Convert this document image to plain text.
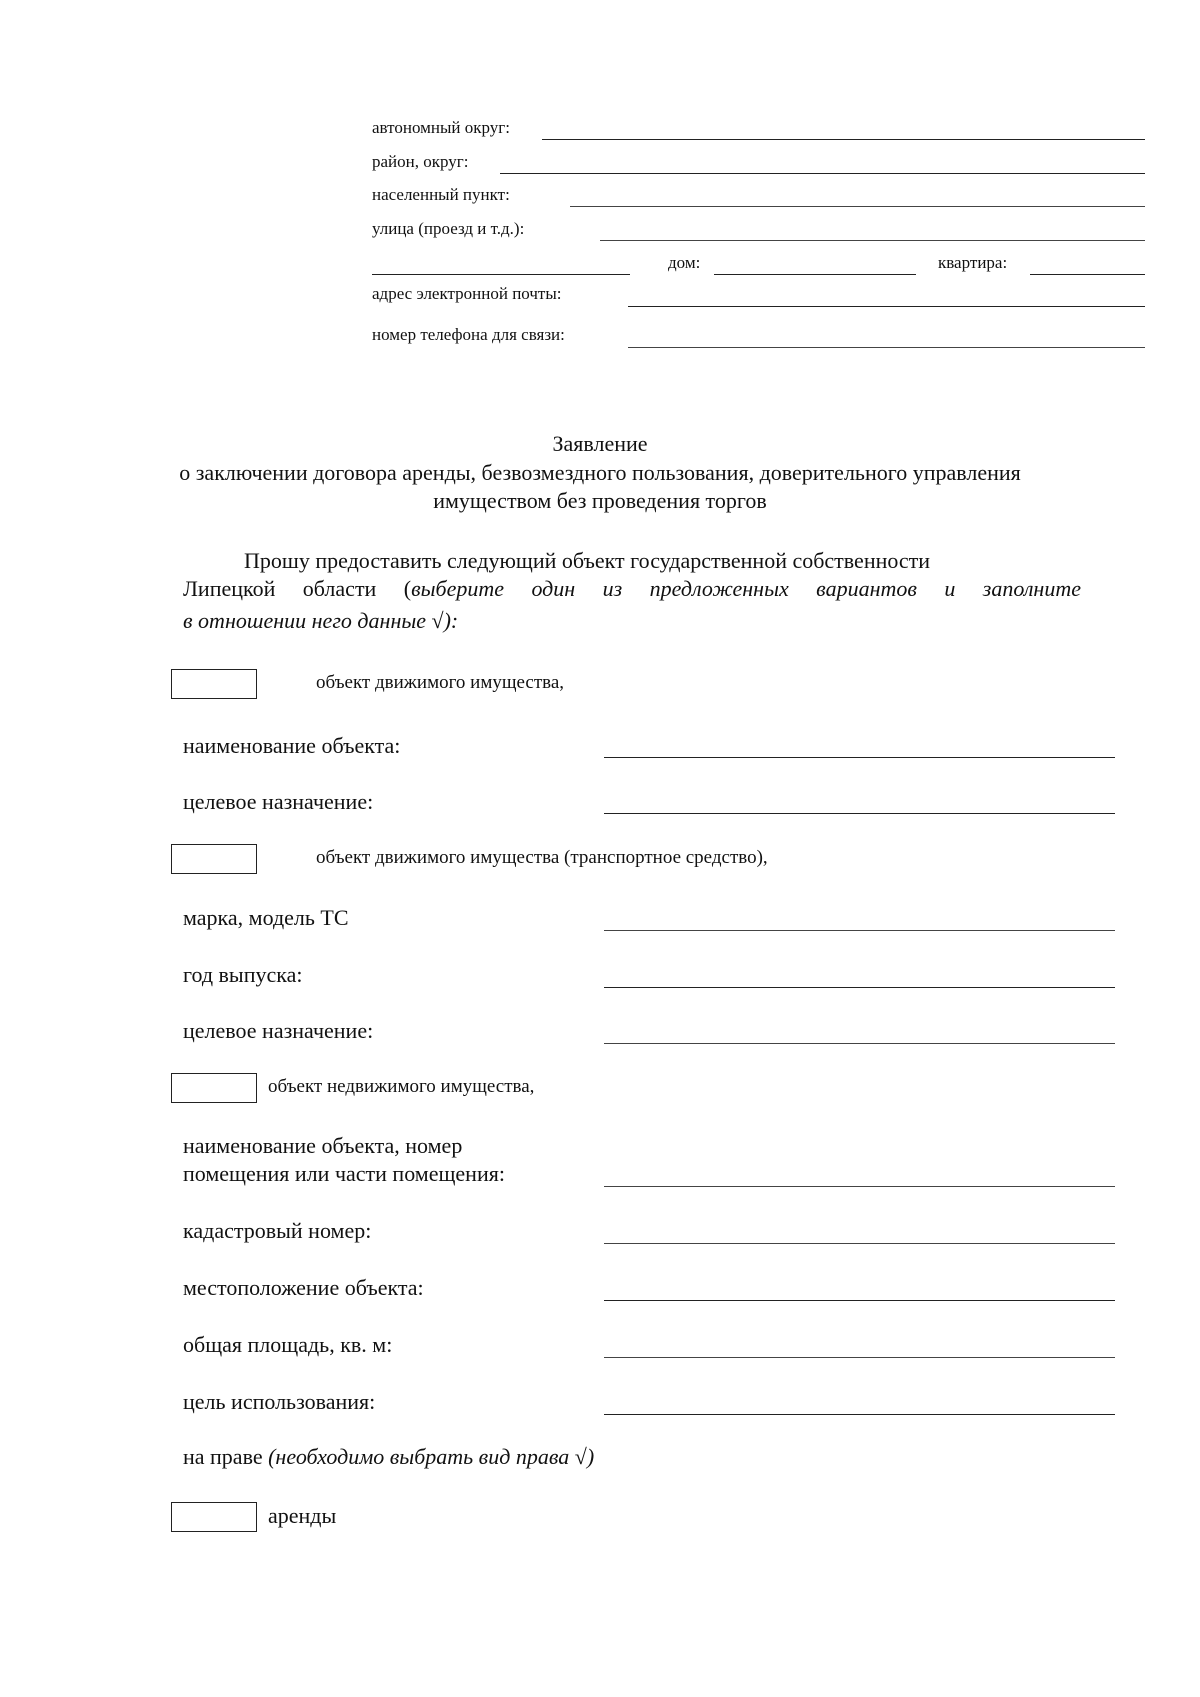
автономный округ:
район, округ:
населенный пункт:
улица (проезд и т.д.):
дом:	квартира:
адрес электронной почты:
номер телефона для связи:
Заявление
о заключении договора аренды, безвозмездного пользования, доверительного управления
имуществом без проведения торгов
Прошу предоставить следующий объект государственной собственности
Липецкой области (выберите один из предложенных вариантов и заполните
в отношении него данные √):
объект движимого имущества,
наименование объекта:
целевое назначение:
объект движимого имущества (транспортное средство),
марка, модель ТС
год выпуска:
целевое назначение:
объект недвижимого имущества,
наименование объекта, номер
помещения или части помещения:
кадастровый номер:
местоположение объекта:
общая площадь, кв. м:
цель использования:
на праве (необходимо выбрать вид права √)
аренды
